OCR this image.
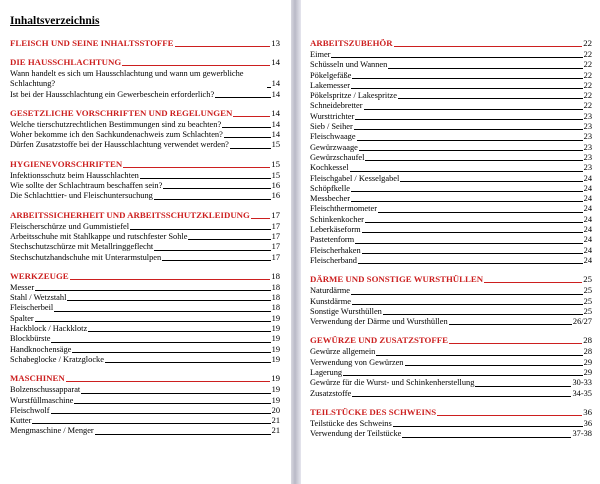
Inhaltsverzeichnis
FLEISCH UND SEINE INHALTSSTOFFE	13
DIE HAUSSCHLACHTUNG	14
Wann handelt es sich um Hausschlachtung und wann um gewerbliche Schlachtung?	14
Ist bei der Hausschlachtung ein Gewerbeschein erforderlich?	14
GESETZLICHE VORSCHRIFTEN UND REGELUNGEN	14
Welche tierschutzrechtlichen Bestimmungen sind zu beachten?	14
Woher bekomme ich den Sachkundenachweis zum Schlachten?	14
Dürfen Zusatzstoffe bei der Hausschlachtung verwendet werden?	15
HYGIENEVORSCHRIFTEN	15
Infektionsschutz beim Hausschlachten	15
Wie sollte der Schlachtraum beschaffen sein?	16
Die Schlachttier- und Fleischuntersuchung	16
ARBEITSSICHERHEIT UND ARBEITSSCHUTZKLEIDUNG 17
Fleischerschürze und Gummistiefel	17
Arbeitsschuhe mit Stahlkappe und rutschfester Sohle	17
Stechschutzschürze mit Metallringgeflecht	17
Stechschutzhandschuhe mit Unterarmstulpen	17
WERKZEUGE	18
Messer	18
Stahl / Wetzstahl	18
Fleischerbeil	18
Spalter	19
Hackblock / Hackklotz	19
Blockbürste	19
Handknochensäge	19
Schabeglocke / Kratzglocke	19
MASCHINEN	19
Bolzenschussapparat	19
Wurstfüllmaschine	19
Fleischwolf	20
Kutter	21
Mengmaschine / Menger	21
ARBEITSZUBEHÖR	22
Eimer	22
Schüsseln und Wannen	22
Pökelgefäße	22
Lakemesser	22
Pökelspritze / Lakespritze	22
Schneidebretter	22
Wursttrichter	23
Sieb / Seiher	23
Fleischwaage	23
Gewürzwaage	23
Gewürzschaufel	23
Kochkessel	23
Fleischgabel / Kesselgabel	24
Schöpfkelle	24
Messbecher	24
Fleischthermometer	24
Schinkenkocher	24
Leberkäseform	24
Pastetenform	24
Fleischerhaken	24
Fleischerband	24
DÄRME UND SONSTIGE WURSTHÜLLEN	25
Naturdärme	25
Kunstdärme	25
Sonstige Wursthüllen	25
Verwendung der Därme und Wursthüllen	26/27
GEWÜRZE UND ZUSATZSTOFFE	28
Gewürze allgemein	28
Verwendung von Gewürzen	29
Lagerung	29
Gewürze für die Wurst- und Schinkenherstellung	30-33
Zusatzstoffe	34-35
TEILSTÜCKE DES SCHWEINS	36
Teilstücke des Schweins	36
Verwendung der Teilstücke	37-38
